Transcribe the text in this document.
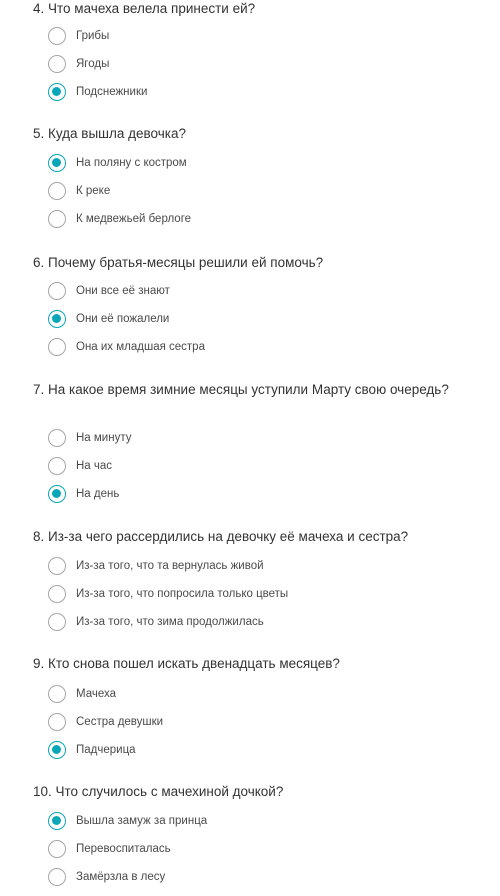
4. Что мачеха велела принести ей?

Грибы
Ягоды
Подснежники

5. Куда вышла девочка?

На поляну с костром
К реке
К медвежьей берлоге

6. Почему братья-месяцы решили ей помочь?

Они все её знают
Они её пожалели
Она их младшая сестра

7. На какое время зимние месяцы уступили Марту свою очередь?

На минуту
На час
На день

8. Из-за чего рассердились на девочку её мачеха и сестра?

Из-за того, что та вернулась живой
Из-за того, что попросила только цветы
Из-за того, что зима продолжилась

9. Кто снова пошел искать двенадцать месяцев?

Мачеха
Сестра девушки
Падчерица

10. Что случилось с мачехиной дочкой?

Вышла замуж за принца
Перевоспиталась
Замёрзла в лесу
